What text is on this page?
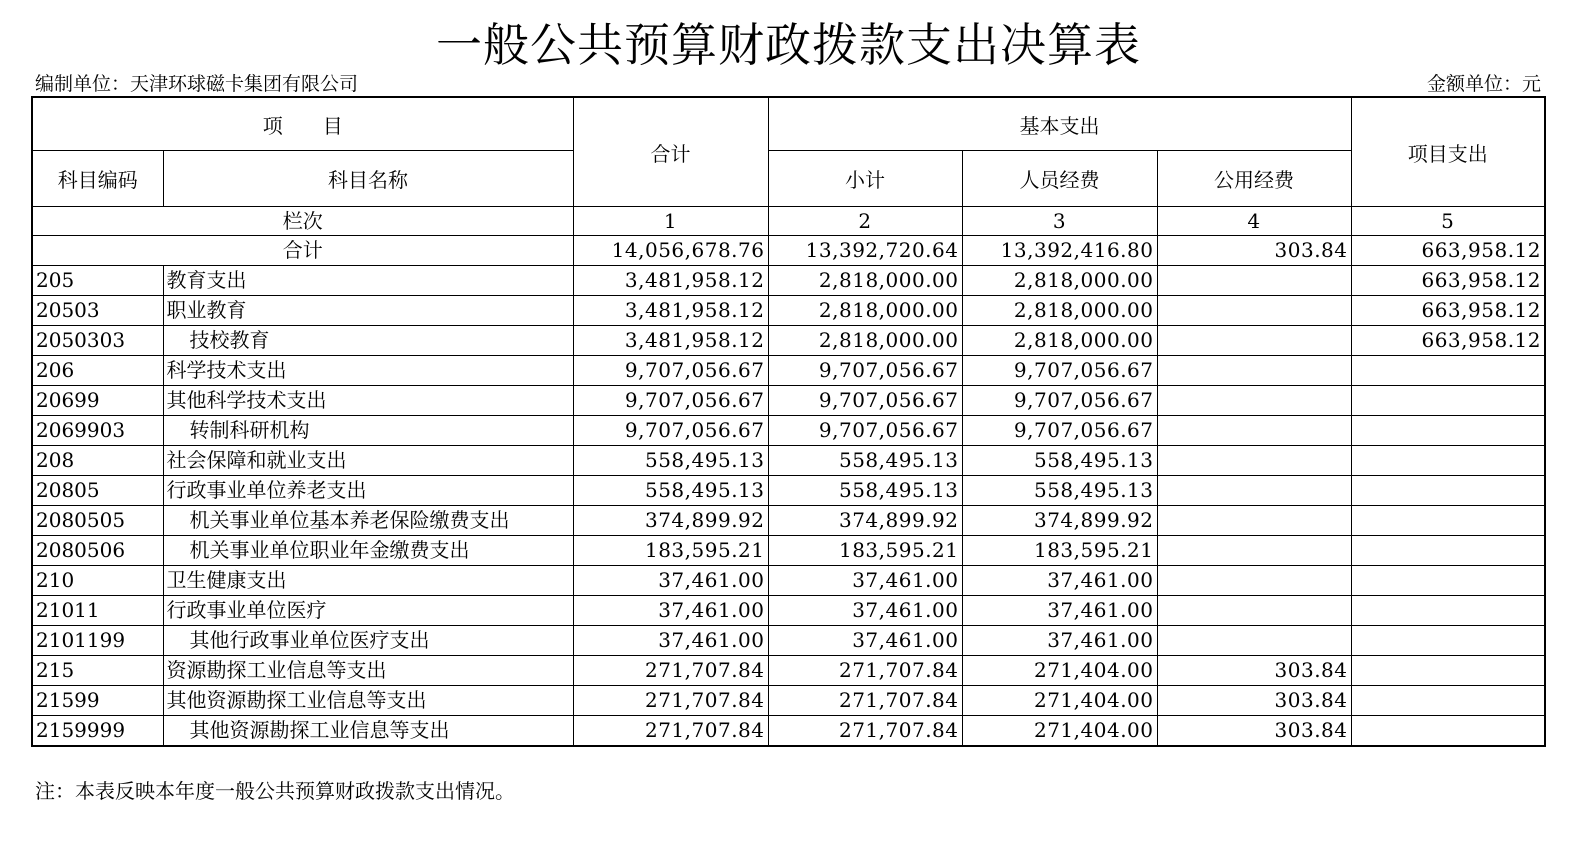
一般公共预算财政拨款支出决算表
编制单位：天津环球磁卡集团有限公司	金额单位：元
项　　目		合计	基本支出			项目支出
科目编码	科目名称		小计	人员经费	公用经费	
栏次		1	2	3	4	5
合计		14,056,678.76	13,392,720.64	13,392,416.80	303.84	663,958.12
205	教育支出	3,481,958.12	2,818,000.00	2,818,000.00		663,958.12
20503	职业教育	3,481,958.12	2,818,000.00	2,818,000.00		663,958.12
2050303	技校教育	3,481,958.12	2,818,000.00	2,818,000.00		663,958.12
206	科学技术支出	9,707,056.67	9,707,056.67	9,707,056.67		
20699	其他科学技术支出	9,707,056.67	9,707,056.67	9,707,056.67		
2069903	转制科研机构	9,707,056.67	9,707,056.67	9,707,056.67		
208	社会保障和就业支出	558,495.13	558,495.13	558,495.13		
20805	行政事业单位养老支出	558,495.13	558,495.13	558,495.13		
2080505	机关事业单位基本养老保险缴费支出	374,899.92	374,899.92	374,899.92		
2080506	机关事业单位职业年金缴费支出	183,595.21	183,595.21	183,595.21		
210	卫生健康支出	37,461.00	37,461.00	37,461.00		
21011	行政事业单位医疗	37,461.00	37,461.00	37,461.00		
2101199	其他行政事业单位医疗支出	37,461.00	37,461.00	37,461.00		
215	资源勘探工业信息等支出	271,707.84	271,707.84	271,404.00	303.84	
21599	其他资源勘探工业信息等支出	271,707.84	271,707.84	271,404.00	303.84	
2159999	其他资源勘探工业信息等支出	271,707.84	271,707.84	271,404.00	303.84	
注：本表反映本年度一般公共预算财政拨款支出情况。
